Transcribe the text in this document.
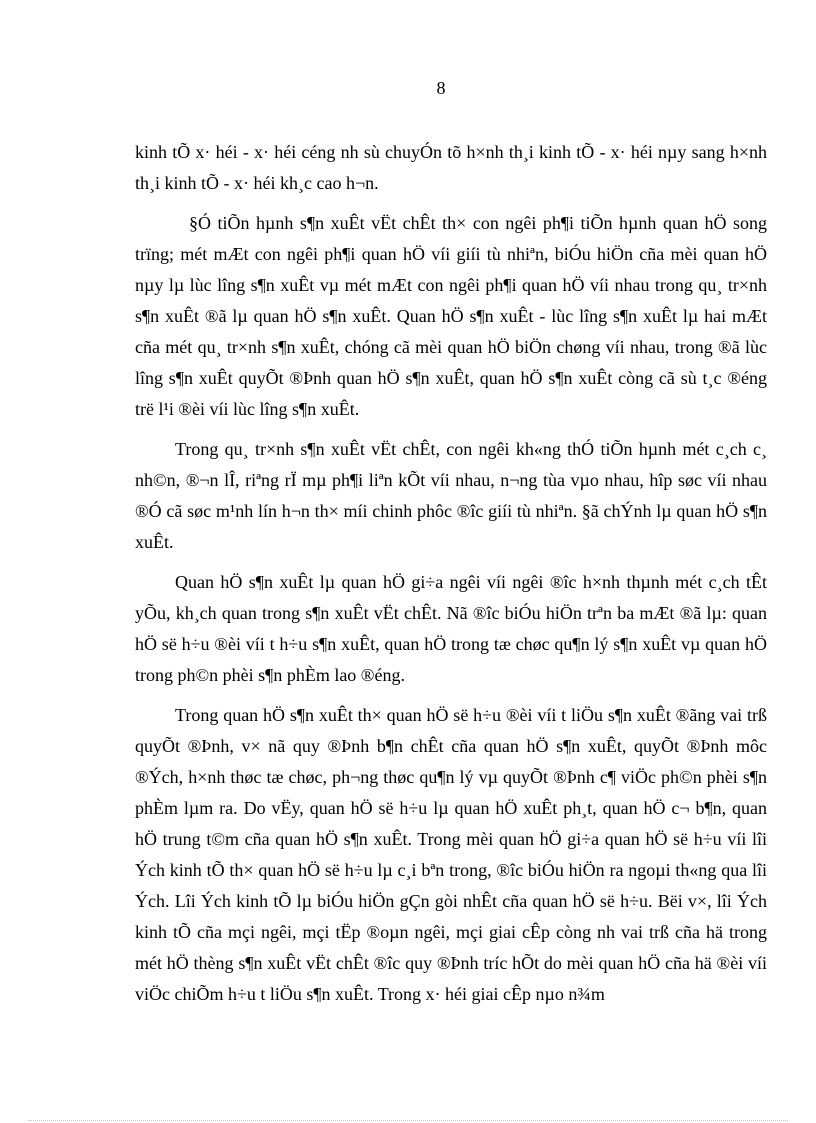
8

kinh tÕ x· héi - x· héi céng nh sù chuyÓn tõ h×nh th¸i kinh tÕ - x· héi nµy sang h×nh th¸i kinh tÕ - x· héi kh¸c cao h¬n.

§Ó tiÕn hµnh s¶n xuÊt vËt chÊt th× con ngêi ph¶i tiÕn hµnh quan hÖ song trïng; mét mÆt con ngêi ph¶i quan hÖ víi giíi tù nhiªn, biÓu hiÖn cña mèi quan hÖ nµy lµ lùc lîng s¶n xuÊt vµ mét mÆt con ngêi ph¶i quan hÖ víi nhau trong qu¸ tr×nh s¶n xuÊt ®ã lµ quan hÖ s¶n xuÊt. Quan hÖ s¶n xuÊt - lùc lîng s¶n xuÊt lµ hai mÆt cña mét qu¸ tr×nh s¶n xuÊt, chóng cã mèi quan hÖ biÖn chøng víi nhau, trong ®ã lùc lîng s¶n xuÊt quyÕt ®Þnh quan hÖ s¶n xuÊt, quan hÖ s¶n xuÊt còng cã sù t¸c ®éng trë l¹i ®èi víi lùc lîng s¶n xuÊt.

Trong qu¸ tr×nh s¶n xuÊt vËt chÊt, con ngêi kh«ng thÓ tiÕn hµnh mét c¸ch c¸ nh©n, ®¬n lÎ, riªng rÏ mµ ph¶i liªn kÕt víi nhau, n¬ng tùa vµo nhau, hîp søc víi nhau ®Ó cã søc m¹nh lín h¬n th× míi chinh phôc ®îc giíi tù nhiªn. §ã chÝnh lµ quan hÖ s¶n xuÊt.

Quan hÖ s¶n xuÊt lµ quan hÖ gi÷a ngêi víi ngêi ®îc h×nh thµnh mét c¸ch tÊt yÕu, kh¸ch quan trong s¶n xuÊt vËt chÊt. Nã ®îc biÓu hiÖn trªn ba mÆt ®ã lµ: quan hÖ së h÷u ®èi víi t h÷u s¶n xuÊt, quan hÖ trong tæ chøc qu¶n lý s¶n xuÊt vµ quan hÖ trong ph©n phèi s¶n phÈm lao ®éng.

Trong quan hÖ s¶n xuÊt th× quan hÖ së h÷u ®èi víi t liÖu s¶n xuÊt ®ãng vai trß quyÕt ®Þnh, v× nã quy ®Þnh b¶n chÊt cña quan hÖ s¶n xuÊt, quyÕt ®Þnh môc ®Ých, h×nh thøc tæ chøc, ph¬ng thøc qu¶n lý vµ quyÕt ®Þnh c¶ viÖc ph©n phèi s¶n phÈm lµm ra. Do vËy, quan hÖ së h÷u lµ quan hÖ xuÊt ph¸t, quan hÖ c¬ b¶n, quan hÖ trung t©m cña quan hÖ s¶n xuÊt. Trong mèi quan hÖ gi÷a quan hÖ së h÷u víi lîi Ých kinh tÕ th× quan hÖ së h÷u lµ c¸i bªn trong, ®îc biÓu hiÖn ra ngoµi th«ng qua lîi Ých. Lîi Ých kinh tÕ lµ biÓu hiÖn gÇn gòi nhÊt cña quan hÖ së h÷u. Bëi v×, lîi Ých kinh tÕ cña mçi ngêi, mçi tËp ®oµn ngêi, mçi giai cÊp còng nh vai trß cña hä trong mét hÖ thèng s¶n xuÊt vËt chÊt ®îc quy ®Þnh tríc hÕt do mèi quan hÖ cña hä ®èi víi viÖc chiÕm h÷u t liÖu s¶n xuÊt. Trong x· héi giai cÊp nµo n¾m
